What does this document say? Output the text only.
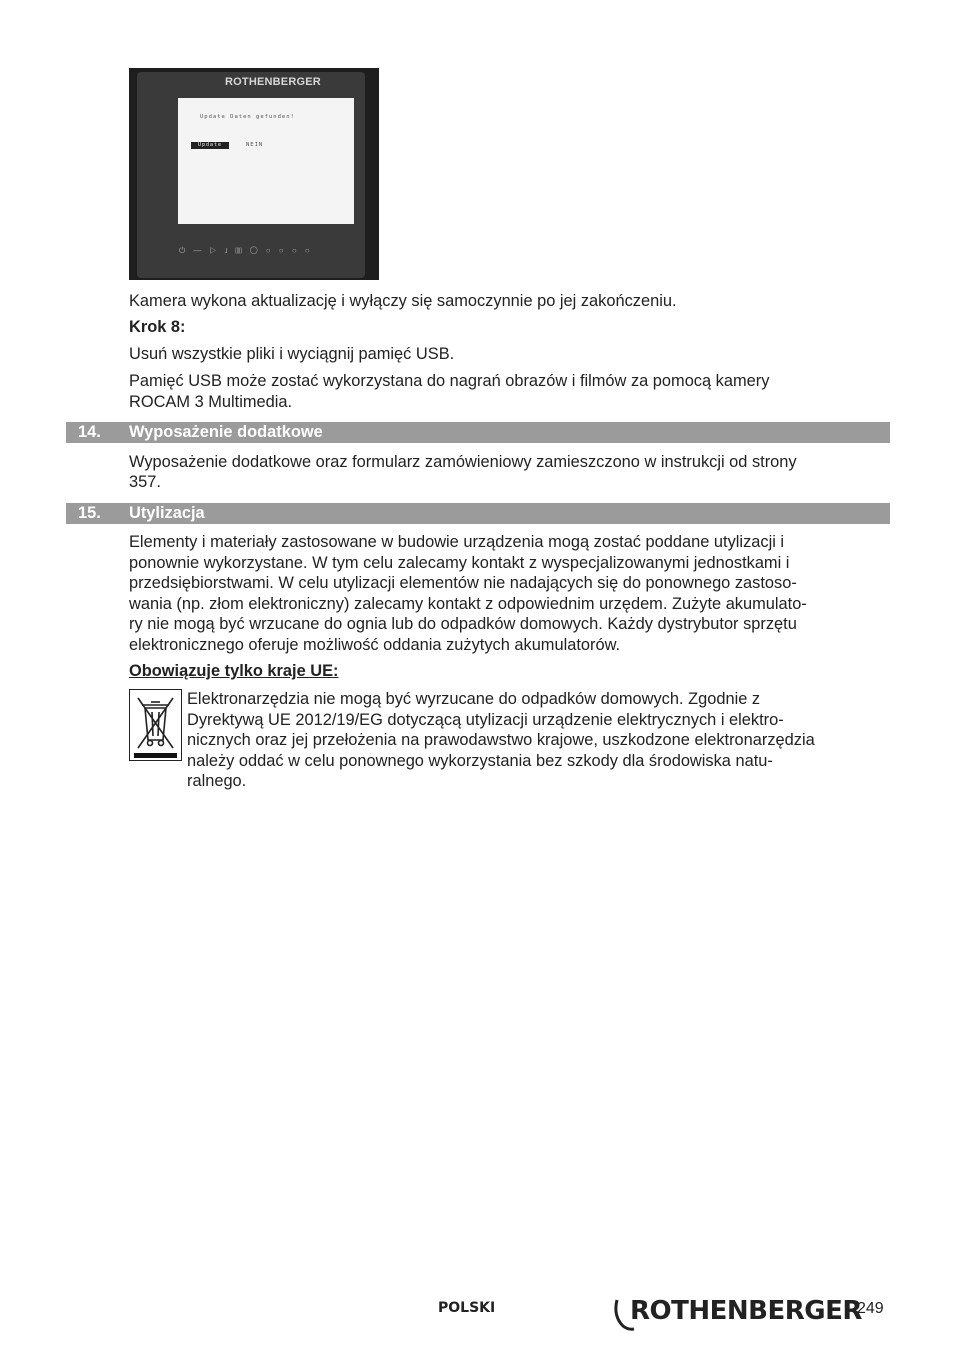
ROTHENBERGER
Update Daten gefunden!
Update	NEIN
⏻ — ▷ ⌋ ▥ ◯ ○ ○ ○ ○

Kamera wykona aktualizację i wyłączy się samoczynnie po jej zakończeniu.

Krok 8:

Usuń wszystkie pliki i wyciągnij pamięć USB.

Pamięć USB może zostać wykorzystana do nagrań obrazów i filmów za pomocą kamery

ROCAM 3 Multimedia.

14. Wyposażenie dodatkowe

Wyposażenie dodatkowe oraz formularz zamówieniowy zamieszczono w instrukcji od strony

357.

15. Utylizacja

Elementy i materiały zastosowane w budowie urządzenia mogą zostać poddane utylizacji i

ponownie wykorzystane. W tym celu zalecamy kontakt z wyspecjalizowanymi jednostkami i

przedsiębiorstwami. W celu utylizacji elementów nie nadających się do ponownego zastoso-

wania (np. złom elektroniczny) zalecamy kontakt z odpowiednim urzędem. Zużyte akumulato-

ry nie mogą być wrzucane do ognia lub do odpadków domowych. Każdy dystrybutor sprzętu

elektronicznego oferuje możliwość oddania zużytych akumulatorów.

Obowiązuje tylko kraje UE:

Elektronarzędzia nie mogą być wyrzucane do odpadków domowych. Zgodnie z

Dyrektywą UE 2012/19/EG dotyczącą utylizacji urządzenie elektrycznych i elektro-

nicznych oraz jej przełożenia na prawodawstwo krajowe, uszkodzone elektronarzędzia

należy oddać w celu ponownego wykorzystania bez szkody dla środowiska natu-

ralnego.

POLSKI	ROTHENBERGER
249
